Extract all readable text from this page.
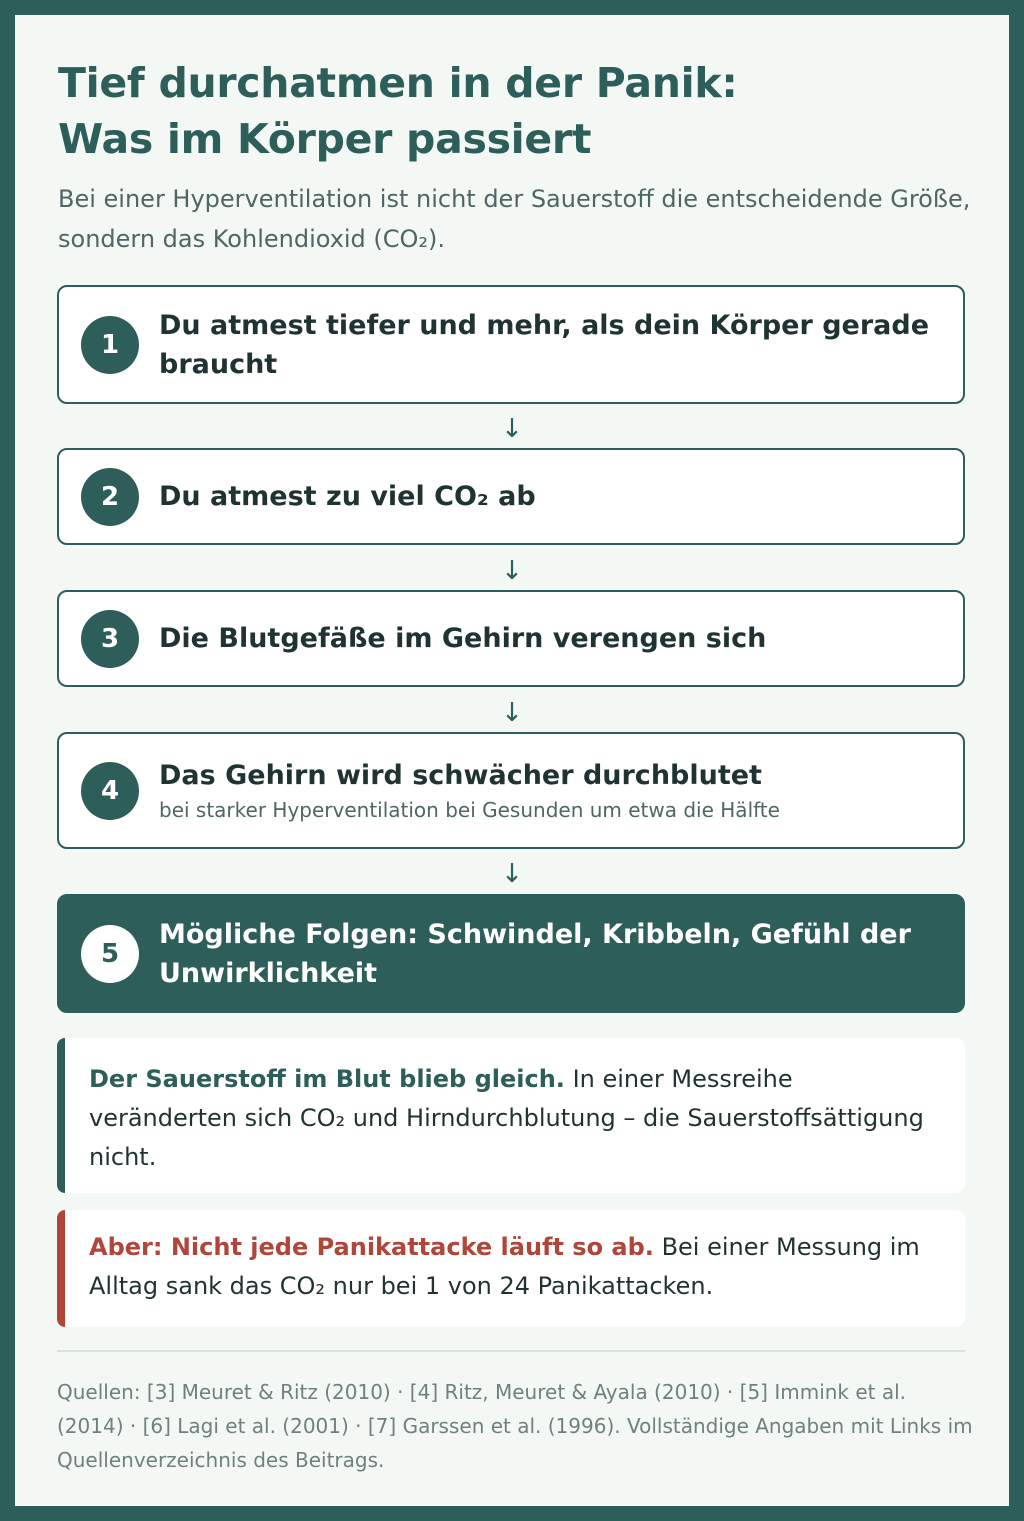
Tief durchatmen in der Panik:
Was im Körper passiert

Bei einer Hyperventilation ist nicht der Sauerstoff die entscheidende Größe, sondern das Kohlendioxid (CO₂).

1
Du atmest tiefer und mehr, als dein Körper gerade braucht
↓
2	Du atmest zu viel CO₂ ab
↓
3	Die Blutgefäße im Gehirn verengen sich
↓
4	Das Gehirn wird schwächer durchblutet
bei starker Hyperventilation bei Gesunden um etwa die Hälfte
↓
5
Mögliche Folgen: Schwindel, Kribbeln, Gefühl der Unwirklichkeit
Der Sauerstoff im Blut blieb gleich. In einer Messreihe veränderten sich CO₂ und Hirndurchblutung – die Sauerstoffsättigung nicht.
Aber: Nicht jede Panikattacke läuft so ab. Bei einer Messung im Alltag sank das CO₂ nur bei 1 von 24 Panikattacken.

Quellen: [3] Meuret & Ritz (2010) · [4] Ritz, Meuret & Ayala (2010) · [5] Immink et al. (2014) · [6] Lagi et al. (2001) · [7] Garssen et al. (1996). Vollständige Angaben mit Links im Quellenverzeichnis des Beitrags.
